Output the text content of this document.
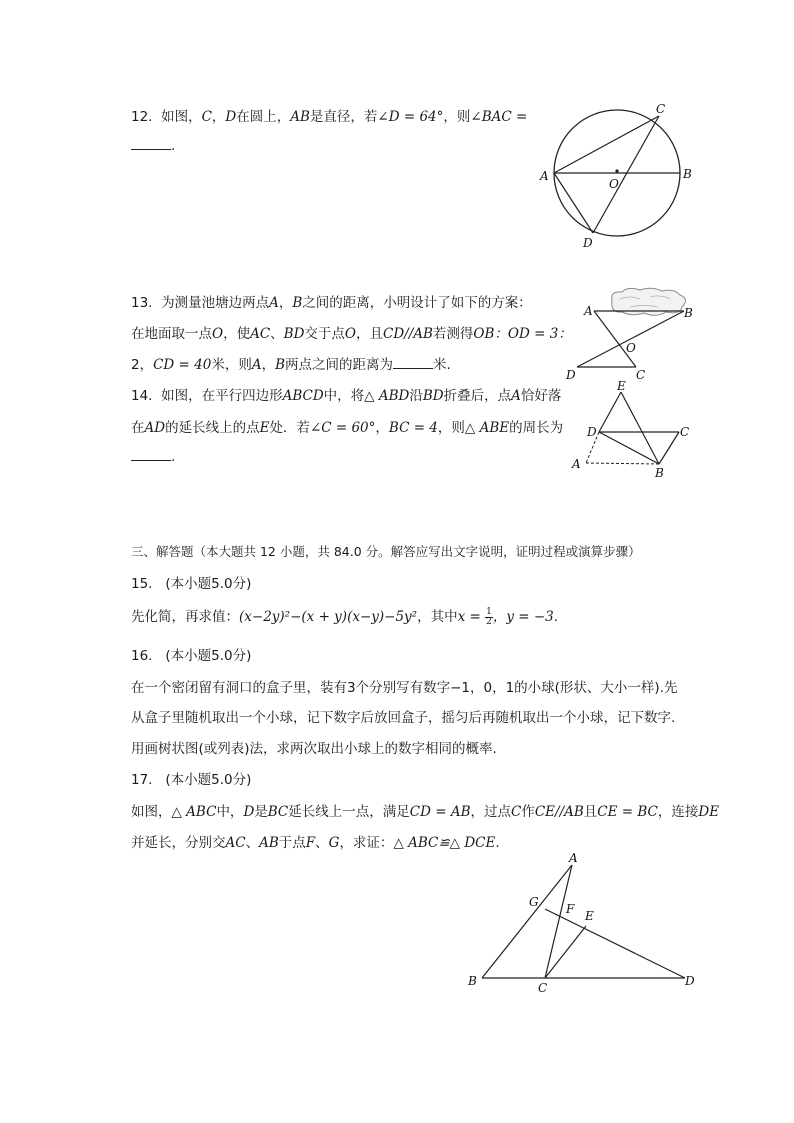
12. 如图，C，D在圆上，AB是直径，若∠D = 64°，则∠BAC =
.
A	B
C
D
O
13. 为测量池塘边两点A，B之间的距离，小明设计了如下的方案：
在地面取一点O，使AC、BD交于点O，且CD//AB若测得OB：OD = 3：
2，CD = 40米，则A，B两点之间的距离为	米.
A	B
O
D	C
14. 如图，在平行四边形ABCD中，将△ ABD沿BD折叠后，点A恰好落
在AD的延长线上的点E处．若∠C = 60°，BC = 4，则△ ABE的周长为
.
E
D	C
A
B
三、解答题（本大题共 12 小题，共 84.0 分。解答应写出文字说明，证明过程或演算步骤）
15. (本小题5.0分)
先化简，再求值：(x−2y)²−(x + y)(x−y)−5y²，其中$x = \frac{1}{2}$ ，y = −3.
16. (本小题5.0分)
在一个密闭留有洞口的盒子里，装有3个分别写有数字−1，0，1的小球(形状、大小一样).先
从盒子里随机取出一个小球，记下数字后放回盒子，摇匀后再随机取出一个小球，记下数字.
用画树状图(或列表)法，求两次取出小球上的数字相同的概率.
17. (本小题5.0分)
如图，△ ABC中，D是BC延长线上一点，满足CD = AB，过点C作CE//AB且CE = BC，连接DE
并延长，分别交AC、AB于点F、G，求证：△ ABC≌△ DCE.
A
G F E
B	C	D
